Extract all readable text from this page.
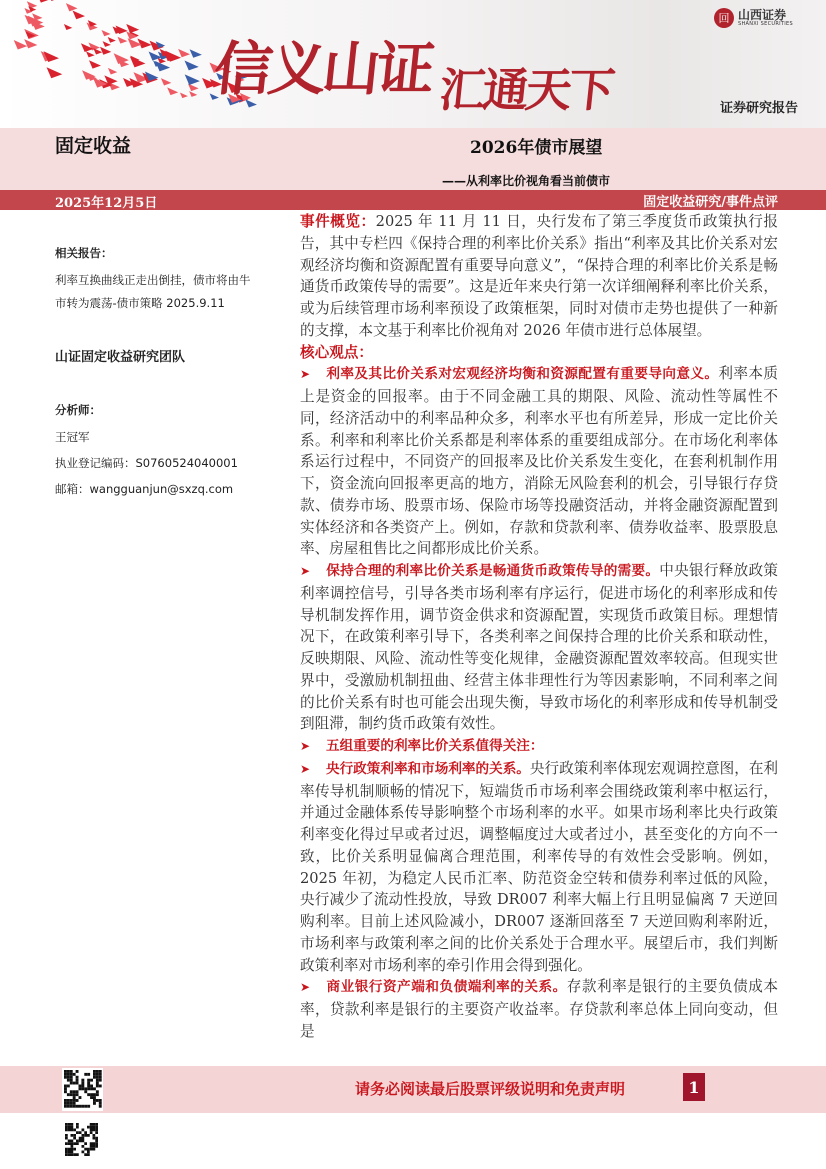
信义山证 汇通天下
回 山西证券
SHANXI SECURITIES
证券研究报告
固定收益	2026年债市展望
——从利率比价视角看当前债市
2025年12月5日	固定收益研究/事件点评
相关报告：
利率互换曲线正走出倒挂，债市将由牛
市转为震荡-债市策略 2025.9.11
山证固定收益研究团队
分析师：
王冠军
执业登记编码：S0760524040001
邮箱：wangguanjun@sxzq.com

事件概览：2025 年 11 月 11 日，央行发布了第三季度货币政策执行报告，其中专栏四《保持合理的利率比价关系》指出“利率及其比价关系对宏观经济均衡和资源配置有重要导向意义”，“保持合理的利率比价关系是畅通货币政策传导的需要”。这是近年来央行第一次详细阐释利率比价关系，或为后续管理市场利率预设了政策框架，同时对债市走势也提供了一种新的支撑，本文基于利率比价视角对 2026 年债市进行总体展望。

核心观点：

➤ 利率及其比价关系对宏观经济均衡和资源配置有重要导向意义。利率本质上是资金的回报率。由于不同金融工具的期限、风险、流动性等属性不同，经济活动中的利率品种众多，利率水平也有所差异，形成一定比价关系。利率和利率比价关系都是利率体系的重要组成部分。在市场化利率体系运行过程中，不同资产的回报率及比价关系发生变化，在套利机制作用下，资金流向回报率更高的地方，消除无风险套利的机会，引导银行存贷款、债券市场、股票市场、保险市场等投融资活动，并将金融资源配置到实体经济和各类资产上。例如，存款和贷款利率、债券收益率、股票股息率、房屋租售比之间都形成比价关系。

➤ 保持合理的利率比价关系是畅通货币政策传导的需要。中央银行释放政策利率调控信号，引导各类市场利率有序运行，促进市场化的利率形成和传导机制发挥作用，调节资金供求和资源配置，实现货币政策目标。理想情况下，在政策利率引导下，各类利率之间保持合理的比价关系和联动性，反映期限、风险、流动性等变化规律，金融资源配置效率较高。但现实世界中，受激励机制扭曲、经营主体非理性行为等因素影响，不同利率之间的比价关系有时也可能会出现失衡，导致市场化的利率形成和传导机制受到阻滞，制约货币政策有效性。

➤ 五组重要的利率比价关系值得关注：

➤ 央行政策利率和市场利率的关系。央行政策利率体现宏观调控意图，在利率传导机制顺畅的情况下，短端货币市场利率会围绕政策利率中枢运行，并通过金融体系传导影响整个市场利率的水平。如果市场利率比央行政策利率变化得过早或者过迟，调整幅度过大或者过小，甚至变化的方向不一致，比价关系明显偏离合理范围，利率传导的有效性会受影响。例如，2025 年初，为稳定人民币汇率、防范资金空转和债券利率过低的风险，央行减少了流动性投放，导致 DR007 利率大幅上行且明显偏离 7 天逆回购利率。目前上述风险减小，DR007 逐渐回落至 7 天逆回购利率附近，市场利率与政策利率之间的比价关系处于合理水平。展望后市，我们判断政策利率对市场利率的牵引作用会得到强化。

➤ 商业银行资产端和负债端利率的关系。存款利率是银行的主要负债成本率，贷款利率是银行的主要资产收益率。存贷款利率总体上同向变动，但是

请务必阅读最后股票评级说明和免责声明	1
